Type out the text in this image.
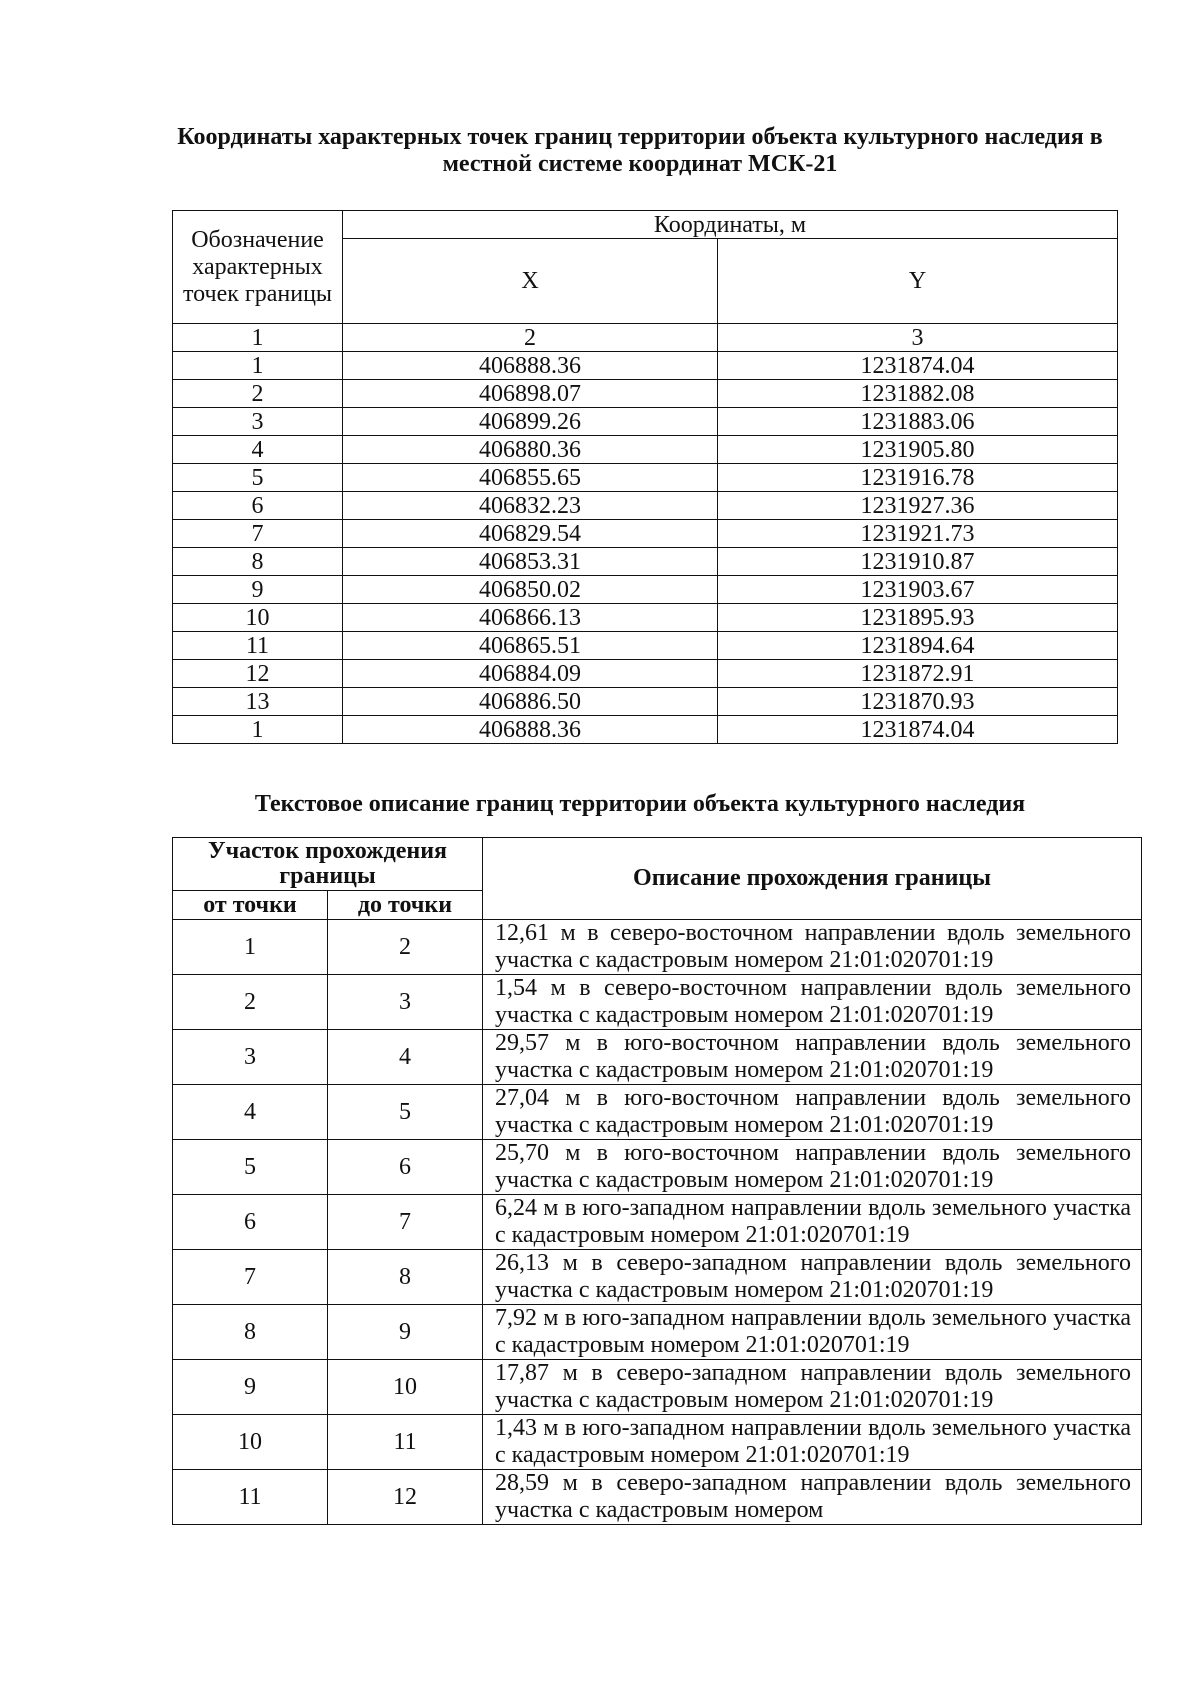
Координаты характерных точек границ территории объекта культурного наследия в местной системе координат МСК-21
Обозначение характерных точек границы	Координаты, м	
	X	Y
1	2	3
1	406888.36	1231874.04
2	406898.07	1231882.08
3	406899.26	1231883.06
4	406880.36	1231905.80
5	406855.65	1231916.78
6	406832.23	1231927.36
7	406829.54	1231921.73
8	406853.31	1231910.87
9	406850.02	1231903.67
10	406866.13	1231895.93
11	406865.51	1231894.64
12	406884.09	1231872.91
13	406886.50	1231870.93
1	406888.36	1231874.04
Текстовое описание границ территории объекта культурного наследия
Участок прохождения границы		Описание прохождения границы
от точки	до точки	
1	2	12,61 м в северо-восточном направлении вдоль земельного участка с кадастровым номером 21:01:020701:19
2	3	1,54 м в северо-восточном направлении вдоль земельного участка с кадастровым номером 21:01:020701:19
3	4	29,57 м в юго-восточном направлении вдоль земельного участка с кадастровым номером 21:01:020701:19
4	5	27,04 м в юго-восточном направлении вдоль земельного участка с кадастровым номером 21:01:020701:19
5	6	25,70 м в юго-восточном направлении вдоль земельного участка с кадастровым номером 21:01:020701:19
6	7	6,24 м в юго-западном направлении вдоль земельного участка с кадастровым номером 21:01:020701:19
7	8	26,13 м в северо-западном направлении вдоль земельного участка с кадастровым номером 21:01:020701:19
8	9	7,92 м в юго-западном направлении вдоль земельного участка с кадастровым номером 21:01:020701:19
9	10	17,87 м в северо-западном направлении вдоль земельного участка с кадастровым номером 21:01:020701:19
10	11	1,43 м в юго-западном направлении вдоль земельного участка с кадастровым номером 21:01:020701:19
11	12	28,59 м в северо-западном направлении вдоль земельного участка с кадастровым номером
